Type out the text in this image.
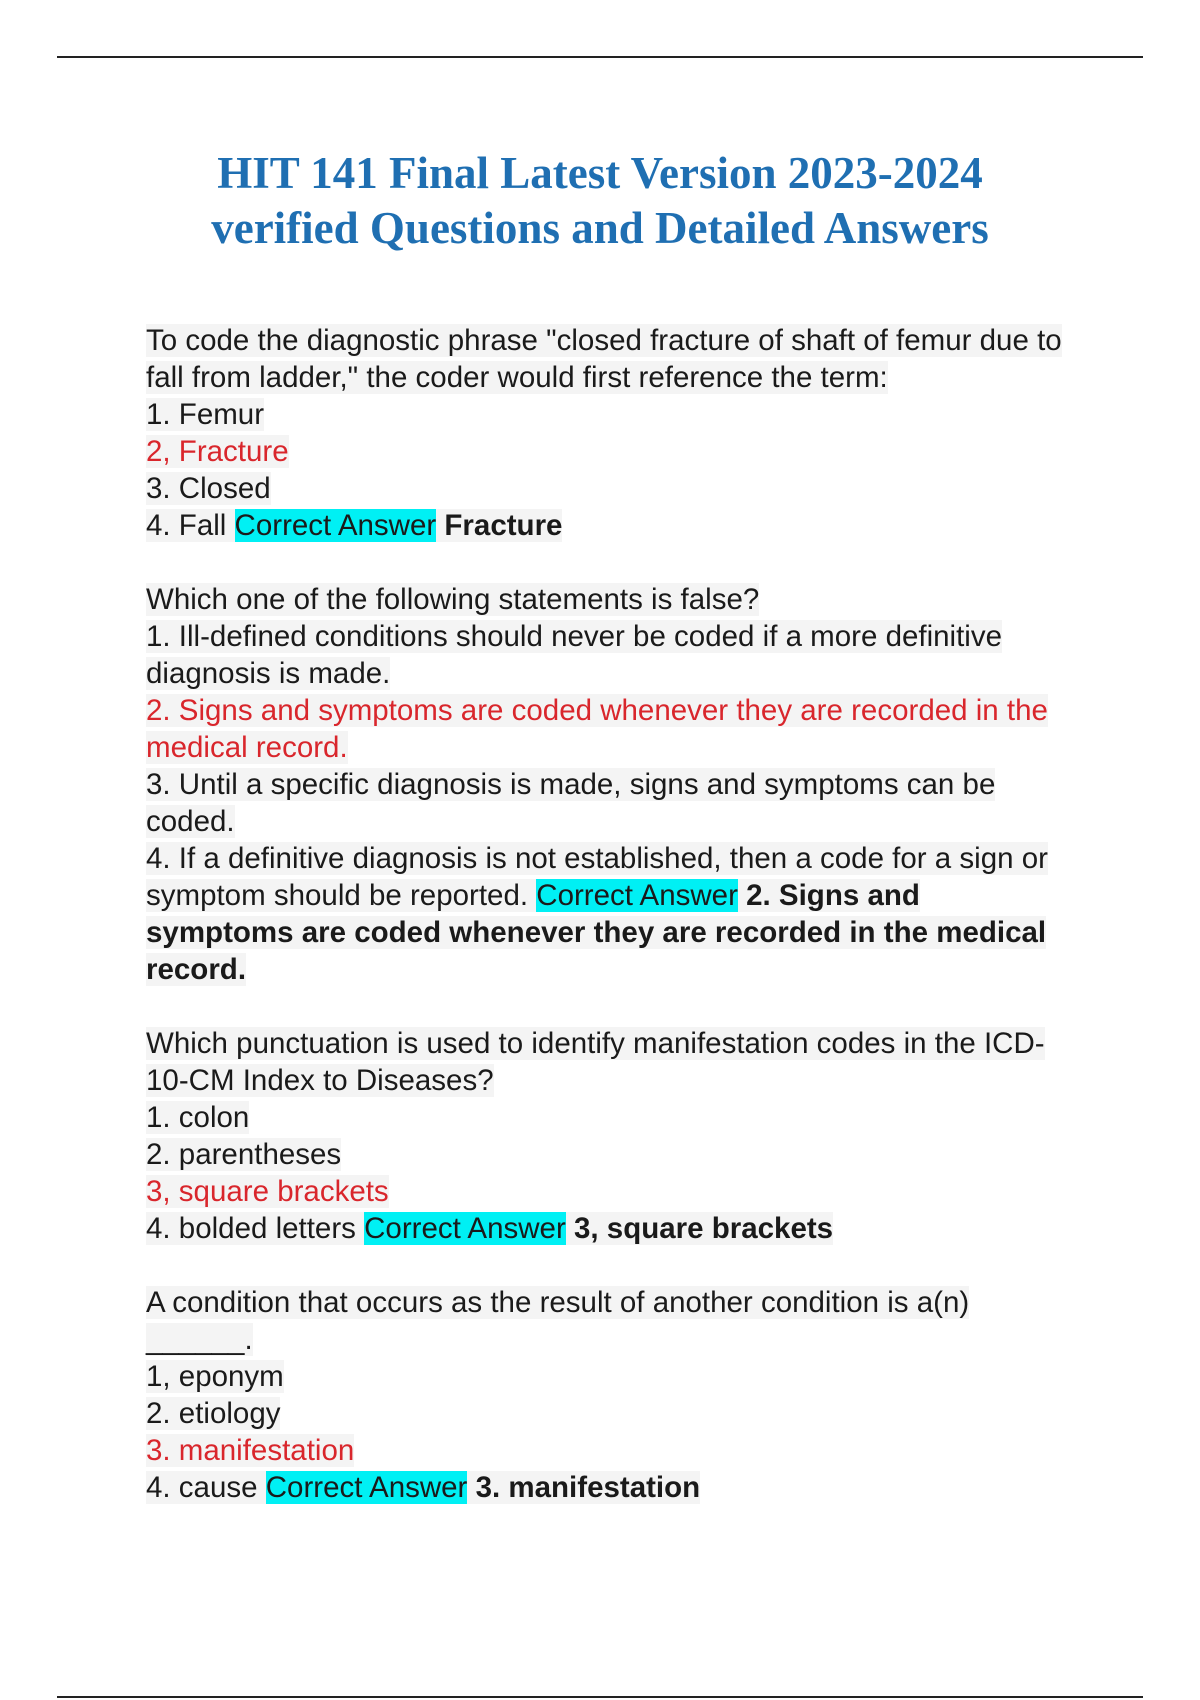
HIT 141 Final Latest Version 2023-2024
verified Questions and Detailed Answers
To code the diagnostic phrase "closed fracture of shaft of femur due to fall from ladder," the coder would first reference the term:
1. Femur
2, Fracture
3. Closed
4. Fall Correct Answer Fracture
Which one of the following statements is false?
1. Ill-defined conditions should never be coded if a more definitive diagnosis is made.
2. Signs and symptoms are coded whenever they are recorded in the medical record.
3. Until a specific diagnosis is made, signs and symptoms can be coded.
4. If a definitive diagnosis is not established, then a code for a sign or symptom should be reported. Correct Answer 2. Signs and symptoms are coded whenever they are recorded in the medical record.
Which punctuation is used to identify manifestation codes in the ICD-10-CM Index to Diseases?
1. colon
2. parentheses
3, square brackets
4. bolded letters Correct Answer 3, square brackets
A condition that occurs as the result of another condition is a(n) ______.
1, eponym
2. etiology
3. manifestation
4. cause Correct Answer 3. manifestation
